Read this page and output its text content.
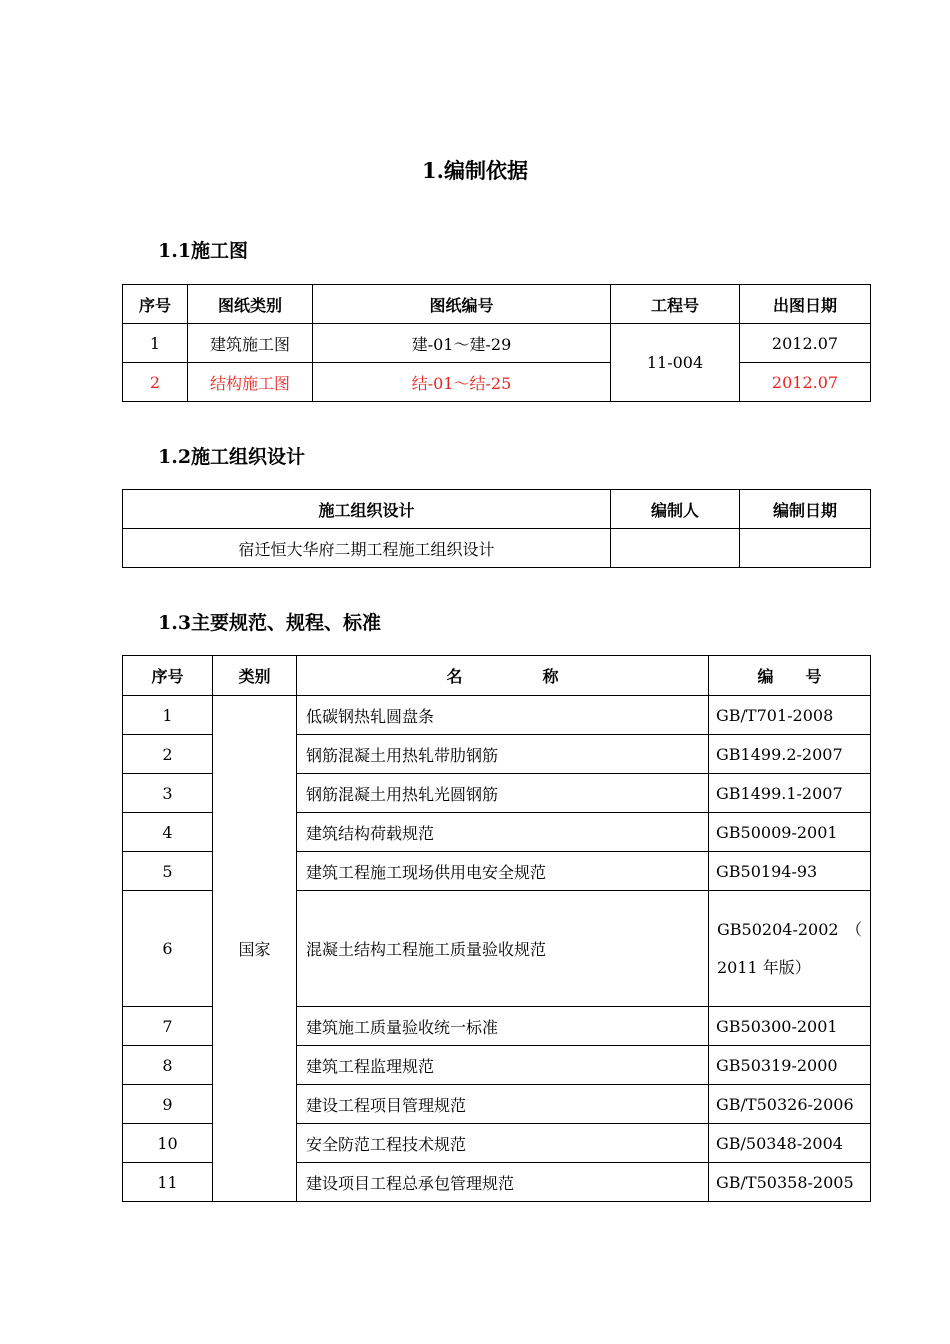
1.编制依据
1.1施工图
序号	图纸类别	图纸编号	工程号	出图日期
1	建筑施工图	建-01～建-29	11-004	2012.07
2	结构施工图	结-01～结-25		2012.07
1.2施工组织设计
施工组织设计	编制人	编制日期
宿迁恒大华府二期工程施工组织设计		
1.3主要规范、规程、标准
序号	类别	名　　　　　称	编　　号
1	国家	低碳钢热轧圆盘条	GB/T701-2008
2		钢筋混凝土用热轧带肋钢筋	GB1499.2-2007
3		钢筋混凝土用热轧光圆钢筋	GB1499.1-2007
4		建筑结构荷载规范	GB50009-2001
5		建筑工程施工现场供用电安全规范	GB50194-93
6		混凝土结构工程施工质量验收规范	GB50204-2002 （ 2011 年版）
7		建筑施工质量验收统一标准	GB50300-2001
8		建筑工程监理规范	GB50319-2000
9		建设工程项目管理规范	GB/T50326-2006
10		安全防范工程技术规范	GB/50348-2004
11		建设项目工程总承包管理规范	GB/T50358-2005
